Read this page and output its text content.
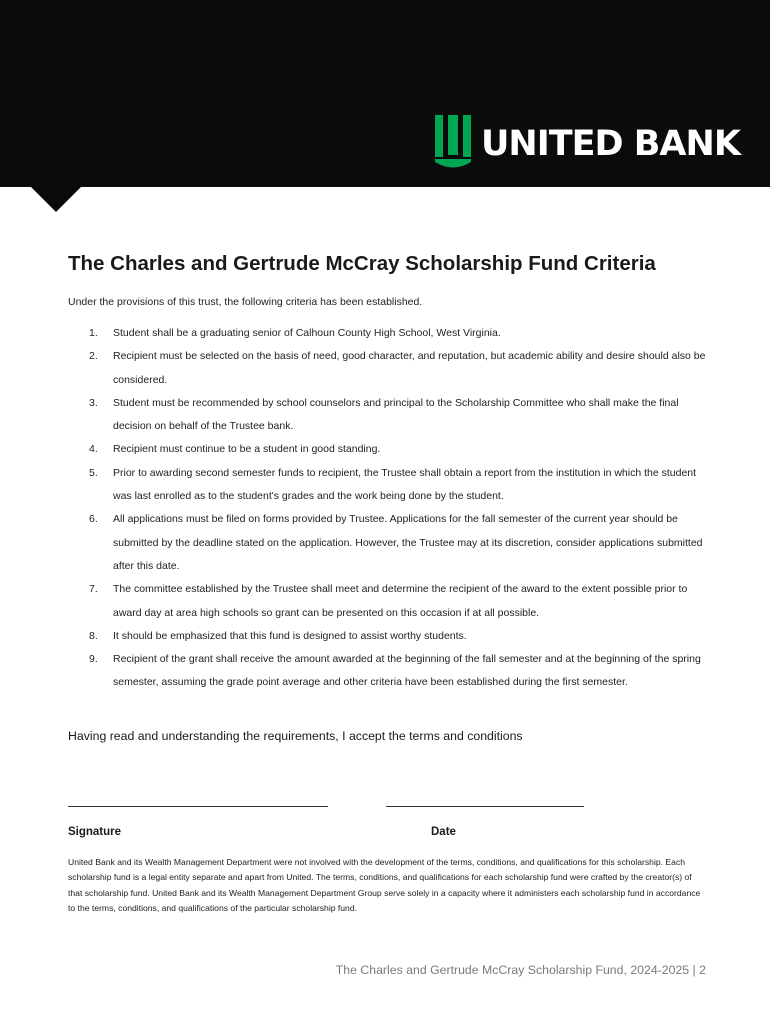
UNITED BANK
The Charles and Gertrude McCray Scholarship Fund Criteria
Under the provisions of this trust, the following criteria has been established.
1.	Student shall be a graduating senior of Calhoun County High School, West Virginia.
2.	Recipient must be selected on the basis of need, good character, and reputation, but academic ability and desire should also be considered.
3.	Student must be recommended by school counselors and principal to the Scholarship Committee who shall make the final decision on behalf of the Trustee bank.
4.	Recipient must continue to be a student in good standing.
5.	Prior to awarding second semester funds to recipient, the Trustee shall obtain a report from the institution in which the student was last enrolled as to the student's grades and the work being done by the student.
6.	All applications must be filed on forms provided by Trustee. Applications for the fall semester of the current year should be submitted by the deadline stated on the application. However, the Trustee may at its discretion, consider applications submitted after this date.
7.	The committee established by the Trustee shall meet and determine the recipient of the award to the extent possible prior to award day at area high schools so grant can be presented on this occasion if at all possible.
8.	It should be emphasized that this fund is designed to assist worthy students.
9.	Recipient of the grant shall receive the amount awarded at the beginning of the fall semester and at the beginning of the spring semester, assuming the grade point average and other criteria have been established during the first semester.
Having read and understanding the requirements, I accept the terms and conditions
Signature	Date
United Bank and its Wealth Management Department were not involved with the development of the terms, conditions, and qualifications for this scholarship. Each scholarship fund is a legal entity separate and apart from United. The terms, conditions, and qualifications for each scholarship fund were crafted by the creator(s) of that scholarship fund. United Bank and its Wealth Management Department Group serve solely in a capacity where it administers each scholarship fund in accordance to the terms, conditions, and qualifications of the particular scholarship fund.
The Charles and Gertrude McCray Scholarship Fund, 2024-2025 | 2
